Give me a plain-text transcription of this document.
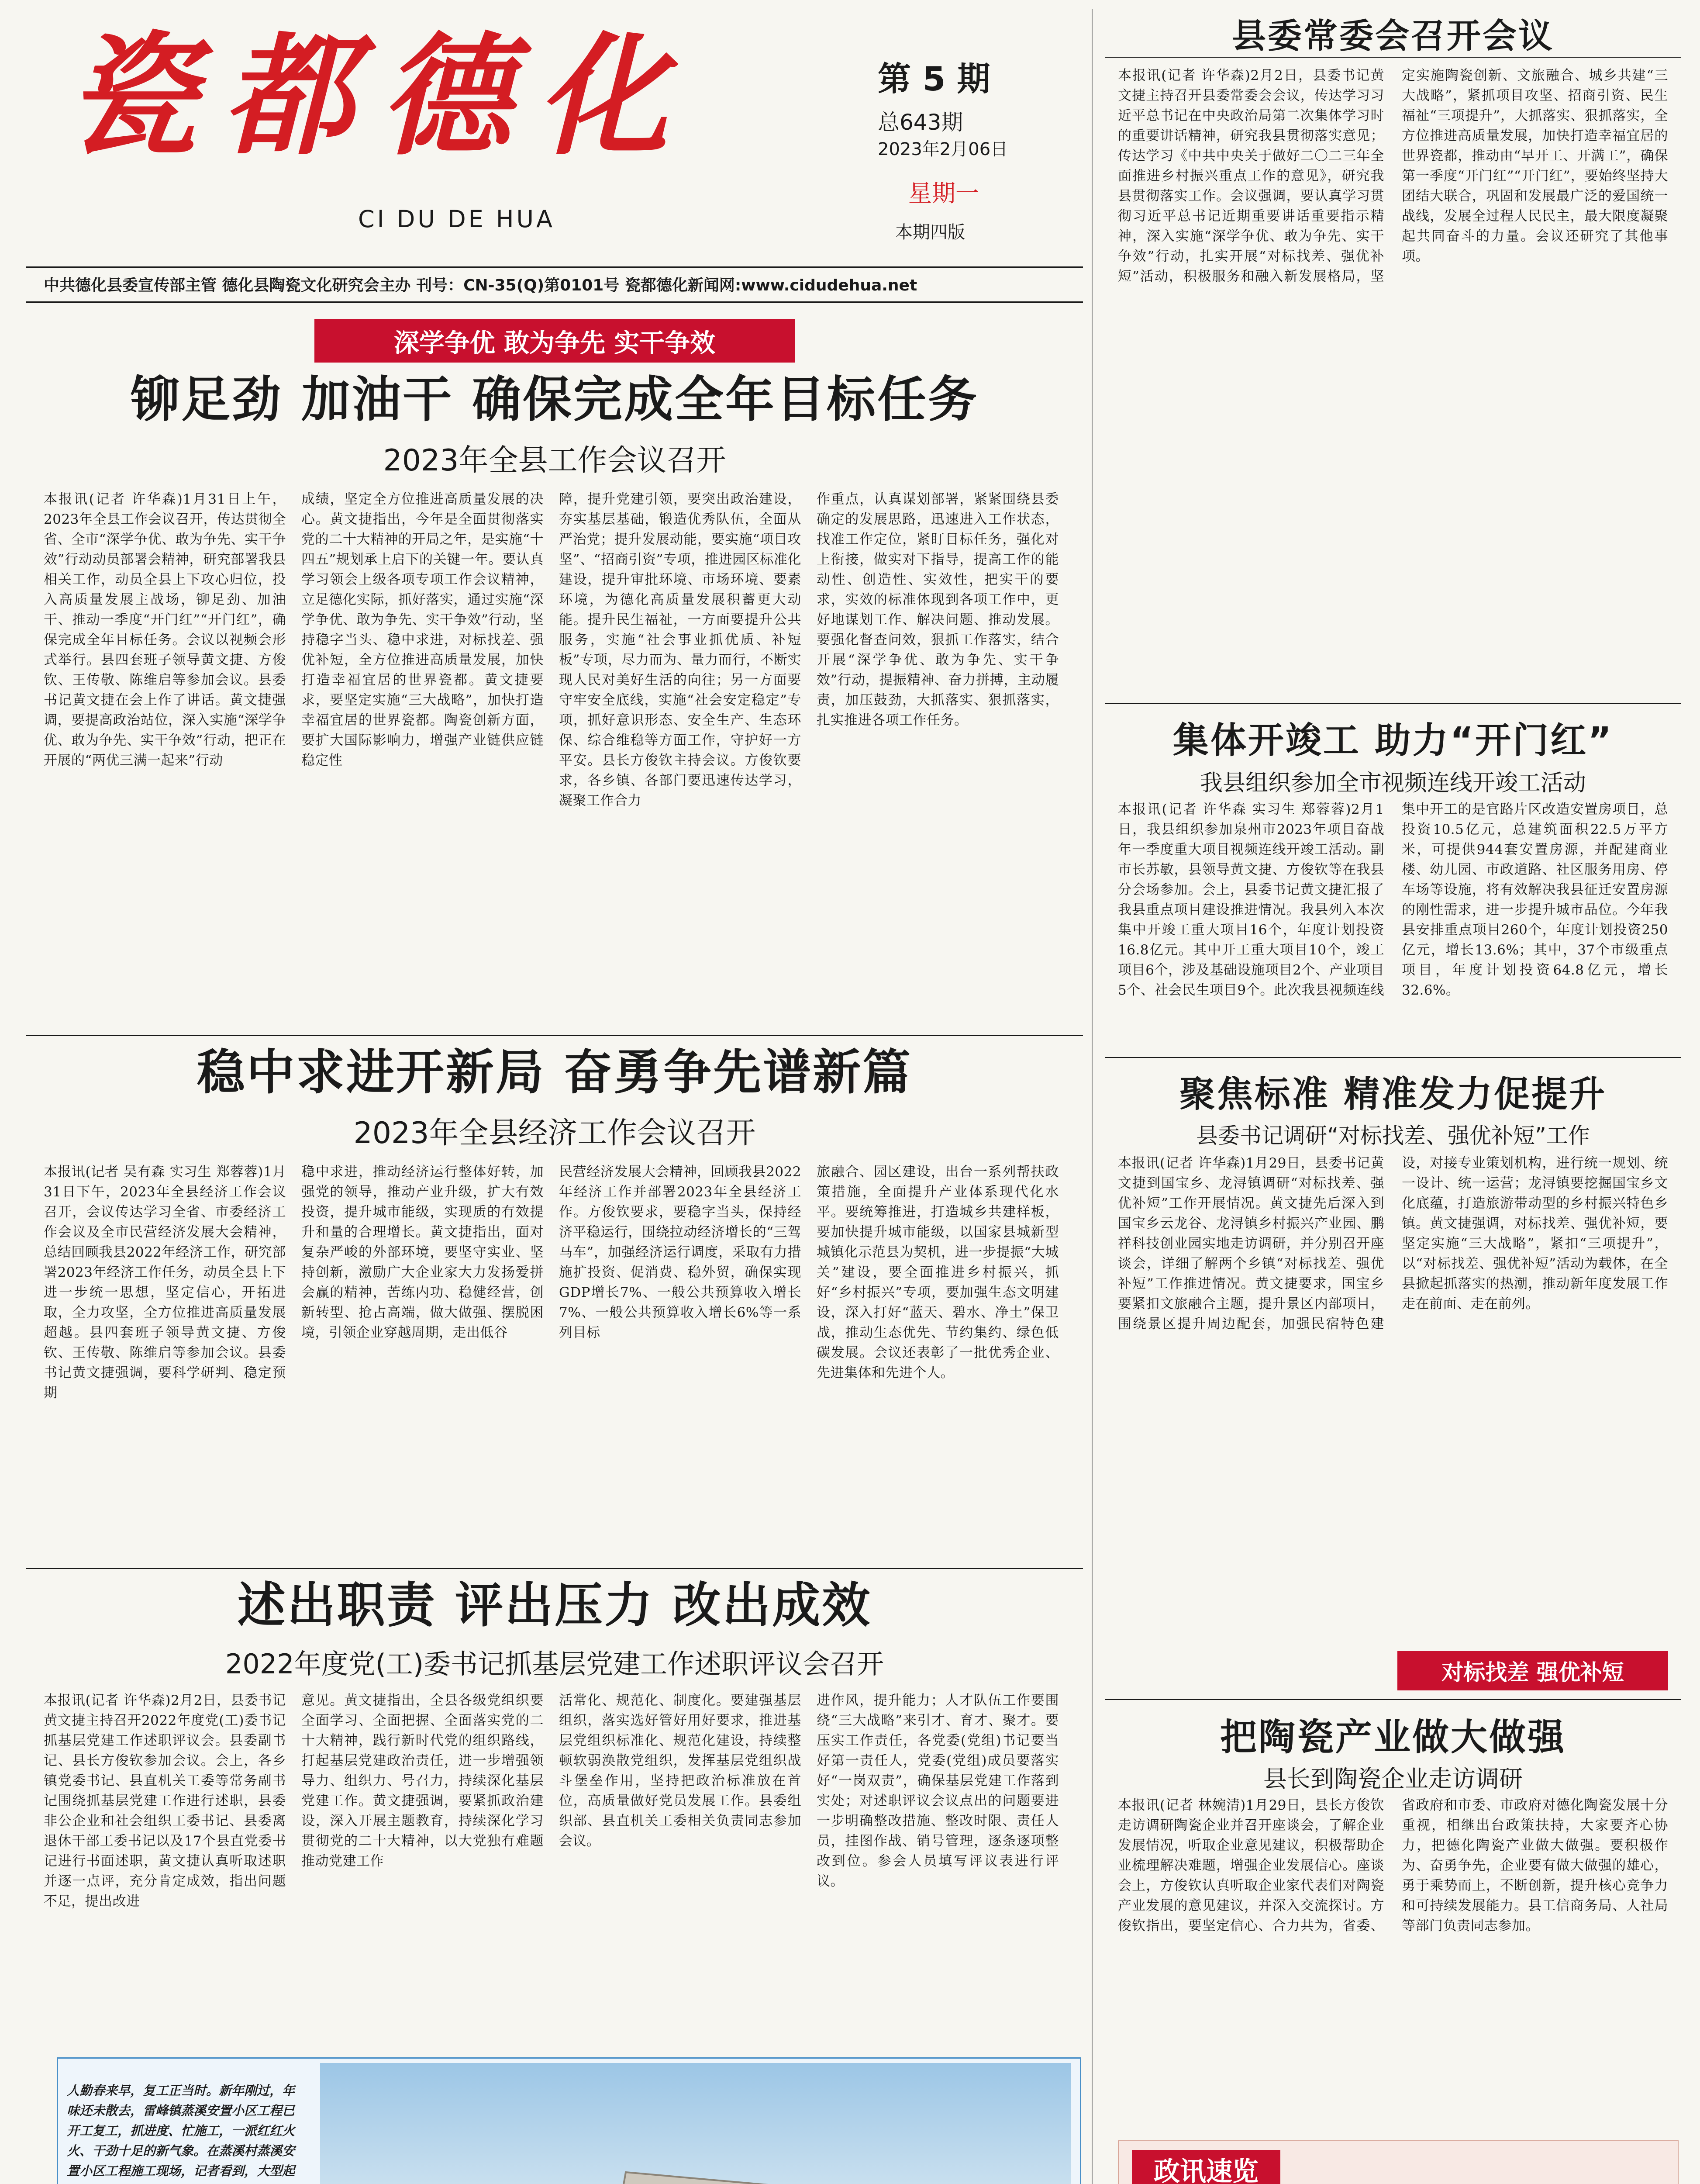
瓷都德化
CI DU DE HUA
第 5 期
总643期
2023年2月06日
星期一
本期四版
中共德化县委宣传部主管 德化县陶瓷文化研究会主办 刊号：CN-35(Q)第0101号 瓷都德化新闻网:www.cidudehua.net
深学争优 敢为争先 实干争效
铆足劲 加油干 确保完成全年目标任务
2023年全县工作会议召开
本报讯(记者 许华森)1月31日上午，2023年全县工作会议召开，传达贯彻全省、全市“深学争优、敢为争先、实干争效”行动动员部署会精神，研究部署我县相关工作，动员全县上下攻心归位，投入高质量发展主战场，铆足劲、加油干、推动一季度“开门红”“开门红”，确保完成全年目标任务。会议以视频会形式举行。县四套班子领导黄文捷、方俊钦、王传敬、陈维启等参加会议。县委书记黄文捷在会上作了讲话。黄文捷强调，要提高政治站位，深入实施“深学争优、敢为争先、实干争效”行动，把正在开展的“两优三满一起来”行动
成绩，坚定全方位推进高质量发展的决心。黄文捷指出，今年是全面贯彻落实党的二十大精神的开局之年，是实施“十四五”规划承上启下的关键一年。要认真学习领会上级各项专项工作会议精神，立足德化实际，抓好落实，通过实施“深学争优、敢为争先、实干争效”行动，坚持稳字当头、稳中求进，对标找差、强优补短，全方位推进高质量发展，加快打造幸福宜居的世界瓷都。黄文捷要求，要坚定实施“三大战略”，加快打造幸福宜居的世界瓷都。陶瓷创新方面，要扩大国际影响力，增强产业链供应链稳定性
障，提升党建引领，要突出政治建设，夯实基层基础，锻造优秀队伍，全面从严治党；提升发展动能，要实施“项目攻坚”、“招商引资”专项，推进园区标准化建设，提升审批环境、市场环境、要素环境，为德化高质量发展积蓄更大动能。提升民生福祉，一方面要提升公共服务，实施“社会事业抓优质、补短板”专项，尽力而为、量力而行，不断实现人民对美好生活的向往；另一方面要守牢安全底线，实施“社会安定稳定”专项，抓好意识形态、安全生产、生态环保、综合维稳等方面工作，守护好一方平安。县长方俊钦主持会议。方俊钦要求，各乡镇、各部门要迅速传达学习，凝聚工作合力
作重点，认真谋划部署，紧紧围绕县委确定的发展思路，迅速进入工作状态，找准工作定位，紧盯目标任务，强化对上衔接，做实对下指导，提高工作的能动性、创造性、实效性，把实干的要求，实效的标准体现到各项工作中，更好地谋划工作、解决问题、推动发展。要强化督查问效，狠抓工作落实，结合开展“深学争优、敢为争先、实干争效”行动，提振精神、奋力拼搏，主动履责，加压鼓劲，大抓落实、狠抓落实，扎实推进各项工作任务。
稳中求进开新局 奋勇争先谱新篇
2023年全县经济工作会议召开
本报讯(记者 吴有森 实习生 郑蓉蓉)1月31日下午，2023年全县经济工作会议召开，会议传达学习全省、市委经济工作会议及全市民营经济发展大会精神，总结回顾我县2022年经济工作，研究部署2023年经济工作任务，动员全县上下进一步统一思想，坚定信心，开拓进取，全力攻坚，全方位推进高质量发展超越。县四套班子领导黄文捷、方俊钦、王传敬、陈维启等参加会议。县委书记黄文捷强调，要科学研判、稳定预期
稳中求进，推动经济运行整体好转，加强党的领导，推动产业升级，扩大有效投资，提升城市能级，实现质的有效提升和量的合理增长。黄文捷指出，面对复杂严峻的外部环境，要坚守实业、坚持创新，激励广大企业家大力发扬爱拼会赢的精神，苦练内功、稳健经营，创新转型、抢占高端，做大做强、摆脱困境，引领企业穿越周期，走出低谷
民营经济发展大会精神，回顾我县2022年经济工作并部署2023年全县经济工作。方俊钦要求，要稳字当头，保持经济平稳运行，围绕拉动经济增长的“三驾马车”，加强经济运行调度，采取有力措施扩投资、促消费、稳外贸，确保实现GDP增长7%、一般公共预算收入增长7%、一般公共预算收入增长6%等一系列目标
旅融合、园区建设，出台一系列帮扶政策措施，全面提升产业体系现代化水平。要统筹推进，打造城乡共建样板，要加快提升城市能级，以国家县城新型城镇化示范县为契机，进一步提振“大城关”建设，要全面推进乡村振兴，抓好“乡村振兴”专项，要加强生态文明建设，深入打好“蓝天、碧水、净土”保卫战，推动生态优先、节约集约、绿色低碳发展。会议还表彰了一批优秀企业、先进集体和先进个人。
述出职责 评出压力 改出成效
2022年度党(工)委书记抓基层党建工作述职评议会召开
本报讯(记者 许华森)2月2日，县委书记黄文捷主持召开2022年度党(工)委书记抓基层党建工作述职评议会。县委副书记、县长方俊钦参加会议。会上，各乡镇党委书记、县直机关工委等常务副书记围绕抓基层党建工作进行述职，县委非公企业和社会组织工委书记、县委离退休干部工委书记以及17个县直党委书记进行书面述职，黄文捷认真听取述职并逐一点评，充分肯定成效，指出问题不足，提出改进
意见。黄文捷指出，全县各级党组织要全面学习、全面把握、全面落实党的二十大精神，践行新时代党的组织路线，打起基层党建政治责任，进一步增强领导力、组织力、号召力，持续深化基层党建工作。黄文捷强调，要紧抓政治建设，深入开展主题教育，持续深化学习贯彻党的二十大精神，以大党独有难题推动党建工作
活常化、规范化、制度化。要建强基层组织，落实选好管好用好要求，推进基层党组织标准化、规范化建设，持续整顿软弱涣散党组织，发挥基层党组织战斗堡垒作用，坚持把政治标准放在首位，高质量做好党员发展工作。县委组织部、县直机关工委相关负责同志参加会议。
进作风，提升能力；人才队伍工作要围绕“三大战略”来引才、育才、聚才。要压实工作责任，各党委(党组)书记要当好第一责任人，党委(党组)成员要落实好“一岗双责”，确保基层党建工作落到实处；对述职评议会议点出的问题要进一步明确整改措施、整改时限、责任人员，挂图作战、销号管理，逐条逐项整改到位。参会人员填写评议表进行评议。
人勤春来早，复工正当时。新年刚过，年味还未散去，雷峰镇蒸溪安置小区工程已开工复工，抓进度、忙施工，一派红红火火、干劲十足的新气象。在蒸溪村蒸溪安置小区工程施工现场，记者看到，大型起
县委常委会召开会议
本报讯(记者 许华森)2月2日，县委书记黄文捷主持召开县委常委会会议，传达学习习近平总书记在中央政治局第二次集体学习时的重要讲话精神，研究我县贯彻落实意见；传达学习《中共中央关于做好二〇二三年全面推进乡村振兴重点工作的意见》，研究我县贯彻落实工作。会议强调，要认真学习贯彻习近平总书记近期重要讲话重要指示精神，深入实施“深学争优、敢为争先、实干争效”行动，扎实开展“对标找差、强优补短”活动，积极服务和融入新发展格局，坚定实施陶瓷创新、文旅融合、城乡共建“三大战略”，紧抓项目攻坚、招商引资、民生福祉“三项提升”，大抓落实、狠抓落实，全方位推进高质量发展，加快打造幸福宜居的世界瓷都，推动由“早开工、开满工”，确保第一季度“开门红”“开门红”，要始终坚持大团结大联合，巩固和发展最广泛的爱国统一战线，发展全过程人民民主，最大限度凝聚起共同奋斗的力量。会议还研究了其他事项。
集体开竣工 助力“开门红”
我县组织参加全市视频连线开竣工活动
本报讯(记者 许华森 实习生 郑蓉蓉)2月1日，我县组织参加泉州市2023年项目奋战年一季度重大项目视频连线开竣工活动。副市长苏敏，县领导黄文捷、方俊钦等在我县分会场参加。会上，县委书记黄文捷汇报了我县重点项目建设推进情况。我县列入本次集中开竣工重大项目16个，年度计划投资16.8亿元。其中开工重大项目10个，竣工项目6个，涉及基础设施项目2个、产业项目5个、社会民生项目9个。此次我县视频连线集中开工的是官路片区改造安置房项目，总投资10.5亿元，总建筑面积22.5万平方米，可提供944套安置房源，并配建商业楼、幼儿园、市政道路、社区服务用房、停车场等设施，将有效解决我县征迁安置房源的刚性需求，进一步提升城市品位。今年我县安排重点项目260个，年度计划投资250亿元，增长13.6%；其中，37个市级重点项目，年度计划投资64.8亿元，增长32.6%。
聚焦标准 精准发力促提升
县委书记调研“对标找差、强优补短”工作
本报讯(记者 许华森)1月29日，县委书记黄文捷到国宝乡、龙浔镇调研“对标找差、强优补短”工作开展情况。黄文捷先后深入到国宝乡云龙谷、龙浔镇乡村振兴产业园、鹏祥科技创业园实地走访调研，并分别召开座谈会，详细了解两个乡镇“对标找差、强优补短”工作推进情况。黄文捷要求，国宝乡要紧扣文旅融合主题，提升景区内部项目，围绕景区提升周边配套，加强民宿特色建设，对接专业策划机构，进行统一规划、统一设计、统一运营；龙浔镇要挖掘国宝乡文化底蕴，打造旅游带动型的乡村振兴特色乡镇。黄文捷强调，对标找差、强优补短，要坚定实施“三大战略”，紧扣“三项提升”，以“对标找差、强优补短”活动为载体，在全县掀起抓落实的热潮，推动新年度发展工作走在前面、走在前列。
对标找差 强优补短
把陶瓷产业做大做强
县长到陶瓷企业走访调研
本报讯(记者 林婉清)1月29日，县长方俊钦走访调研陶瓷企业并召开座谈会，了解企业发展情况，听取企业意见建议，积极帮助企业梳理解决难题，增强企业发展信心。座谈会上，方俊钦认真听取企业家代表们对陶瓷产业发展的意见建议，并深入交流探讨。方俊钦指出，要坚定信心、合力共为，省委、省政府和市委、市政府对德化陶瓷发展十分重视，相继出台政策扶持，大家要齐心协力，把德化陶瓷产业做大做强。要积极作为、奋勇争先，企业要有做大做强的雄心，勇于乘势而上，不断创新，提升核心竞争力和可持续发展能力。县工信商务局、人社局等部门负责同志参加。
政讯速览
